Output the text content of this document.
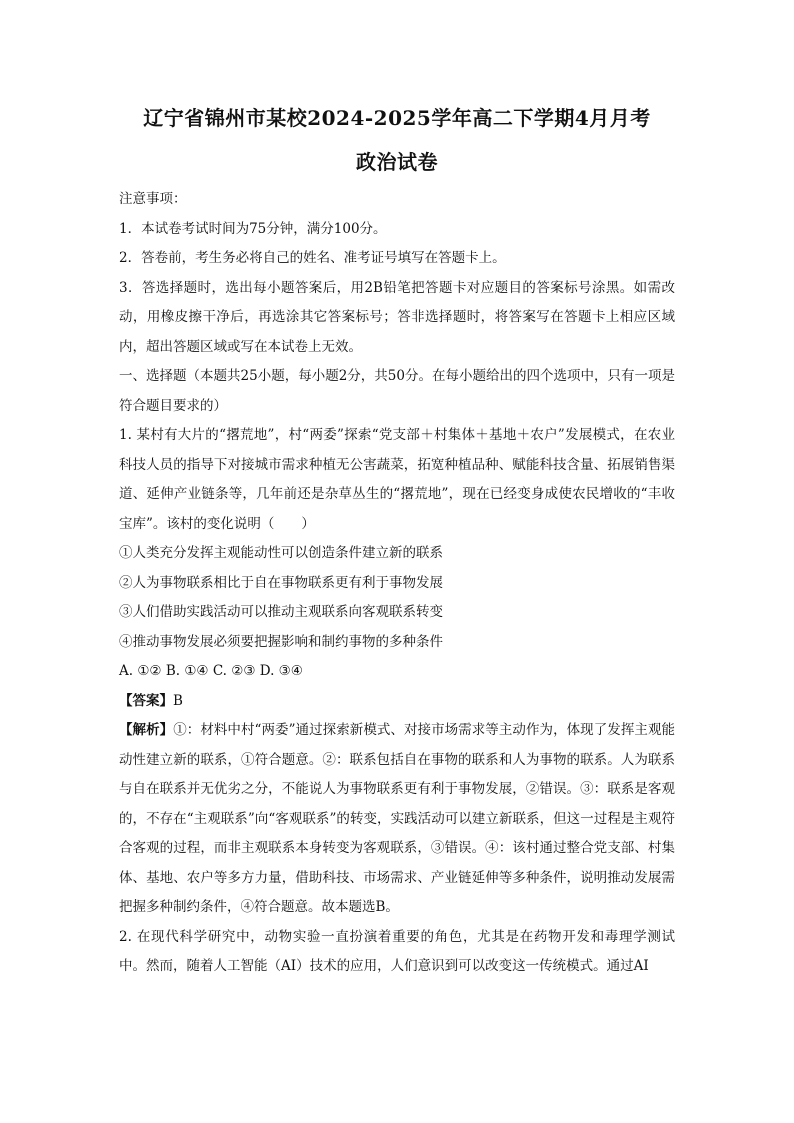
辽宁省锦州市某校2024-2025学年高二下学期4月月考
政治试卷

注意事项：

1．本试卷考试时间为75分钟，满分100分。

2．答卷前，考生务必将自己的姓名、准考证号填写在答题卡上。

3．答选择题时，选出每小题答案后，用2B铅笔把答题卡对应题目的答案标号涂黑。如需改动，用橡皮擦干净后，再选涂其它答案标号；答非选择题时，将答案写在答题卡上相应区域内，超出答题区域或写在本试卷上无效。

一、选择题（本题共25小题，每小题2分，共50分。在每小题给出的四个选项中，只有一项是符合题目要求的）

1. 某村有大片的“撂荒地”，村“两委”探索“党支部＋村集体＋基地＋农户”发展模式，在农业科技人员的指导下对接城市需求种植无公害蔬菜，拓宽种植品种、赋能科技含量、拓展销售渠道、延伸产业链条等，几年前还是杂草丛生的“撂荒地”，现在已经变身成使农民增收的“丰收宝库”。该村的变化说明（　　）

①人类充分发挥主观能动性可以创造条件建立新的联系

②人为事物联系相比于自在事物联系更有利于事物发展

③人们借助实践活动可以推动主观联系向客观联系转变

④推动事物发展必须要把握影响和制约事物的多种条件

A. ①② B. ①④ C. ②③ D. ③④

【答案】B

【解析】①：材料中村“两委”通过探索新模式、对接市场需求等主动作为，体现了发挥主观能动性建立新的联系，①符合题意。②：联系包括自在事物的联系和人为事物的联系。人为联系与自在联系并无优劣之分，不能说人为事物联系更有利于事物发展，②错误。③：联系是客观的，不存在“主观联系”向“客观联系”的转变，实践活动可以建立新联系，但这一过程是主观符合客观的过程，而非主观联系本身转变为客观联系，③错误。④：该村通过整合党支部、村集体、基地、农户等多方力量，借助科技、市场需求、产业链延伸等多种条件，说明推动发展需把握多种制约条件，④符合题意。故本题选B。

2. 在现代科学研究中，动物实验一直扮演着重要的角色，尤其是在药物开发和毒理学测试中。然而，随着人工智能（AI）技术的应用，人们意识到可以改变这一传统模式。通过AI
